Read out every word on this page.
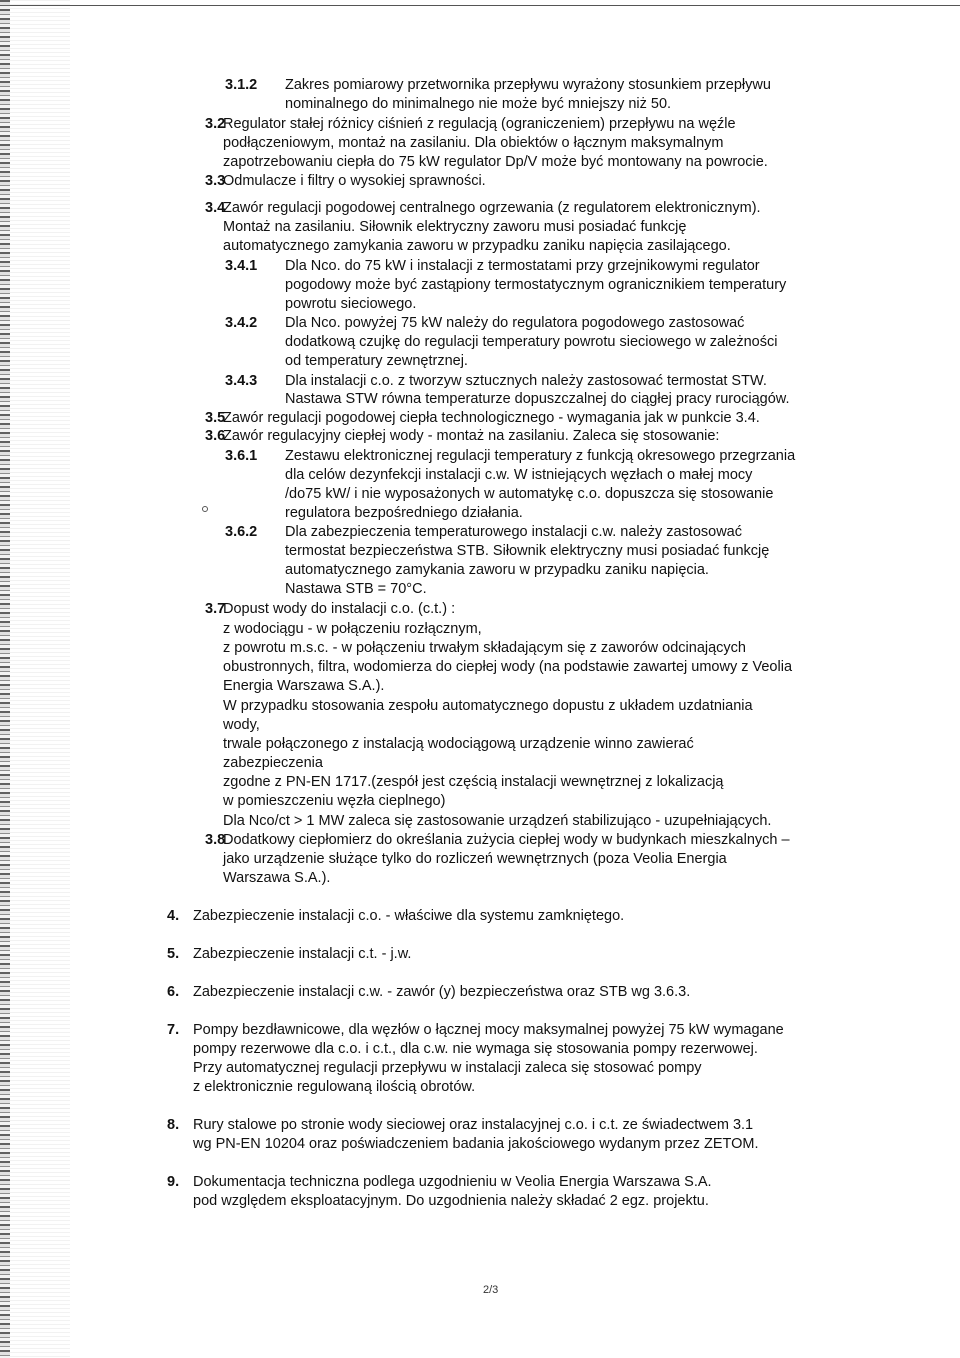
3.1.2 Zakres pomiarowy przetwornika przepływu wyrażony stosunkiem przepływu
nominalnego do minimalnego nie może być mniejszy niż 50.
3.2
Regulator stałej różnicy ciśnień z regulacją (ograniczeniem) przepływu na węźle
podłączeniowym, montaż na zasilaniu. Dla obiektów o łącznym maksymalnym
zapotrzebowaniu ciepła do 75 kW regulator Dp/V może być montowany na powrocie.
3.3
Odmulacze i filtry o wysokiej sprawności.
3.4
Zawór regulacji pogodowej centralnego ogrzewania (z regulatorem elektronicznym).
Montaż na zasilaniu. Siłownik elektryczny zaworu musi posiadać funkcję
automatycznego zamykania zaworu w przypadku zaniku napięcia zasilającego.
3.4.1 Dla Nco. do 75 kW i instalacji z termostatami przy grzejnikowymi regulator
pogodowy może być zastąpiony termostatycznym ogranicznikiem temperatury
powrotu sieciowego.
3.4.2 Dla Nco. powyżej 75 kW należy do regulatora pogodowego zastosować
dodatkową czujkę do regulacji temperatury powrotu sieciowego w zależności
od temperatury zewnętrznej.
3.4.3 Dla instalacji c.o. z tworzyw sztucznych należy zastosować termostat STW.
Nastawa STW równa temperaturze dopuszczalnej do ciągłej pracy rurociągów.
3.5
Zawór regulacji pogodowej ciepła technologicznego - wymagania jak w punkcie 3.4.
3.6
Zawór regulacyjny ciepłej wody - montaż na zasilaniu. Zaleca się stosowanie:
3.6.1 Zestawu elektronicznej regulacji temperatury z funkcją okresowego przegrzania
dla celów dezynfekcji instalacji c.w. W istniejących węzłach o małej mocy
/do75 kW/ i nie wyposażonych w automatykę c.o. dopuszcza się stosowanie
regulatora bezpośredniego działania.
3.6.2 Dla zabezpieczenia temperaturowego instalacji c.w. należy zastosować
termostat bezpieczeństwa STB. Siłownik elektryczny musi posiadać funkcję
automatycznego zamykania zaworu w przypadku zaniku napięcia.
Nastawa STB = 70°C.
3.7
Dopust wody do instalacji c.o. (c.t.) :
z wodociągu - w połączeniu rozłącznym,
z powrotu m.s.c. - w połączeniu trwałym składającym się z zaworów odcinających
obustronnych, filtra, wodomierza do ciepłej wody (na podstawie zawartej umowy z Veolia
Energia Warszawa S.A.).
W przypadku stosowania zespołu automatycznego dopustu z układem uzdatniania
wody,
trwale połączonego z instalacją wodociągową urządzenie winno zawierać
zabezpieczenia
zgodne z PN-EN 1717.(zespół jest częścią instalacji wewnętrznej z lokalizacją
w pomieszczeniu węzła cieplnego)
Dla Nco/ct > 1 MW zaleca się zastosowanie urządzeń stabilizująco - uzupełniających.
3.8
Dodatkowy ciepłomierz do określania zużycia ciepłej wody w budynkach mieszkalnych –
jako urządzenie służące tylko do rozliczeń wewnętrznych (poza Veolia Energia
Warszawa S.A.).
4. Zabezpieczenie instalacji c.o. - właściwe dla systemu zamkniętego.
5. Zabezpieczenie instalacji c.t. - j.w.
6. Zabezpieczenie instalacji c.w. - zawór (y) bezpieczeństwa oraz STB wg 3.6.3.
7. Pompy bezdławnicowe, dla węzłów o łącznej mocy maksymalnej powyżej 75 kW wymagane
pompy rezerwowe dla c.o. i c.t., dla c.w. nie wymaga się stosowania pompy rezerwowej.
Przy automatycznej regulacji przepływu w instalacji zaleca się stosować pompy
z elektronicznie regulowaną ilością obrotów.
8. Rury stalowe po stronie wody sieciowej oraz instalacyjnej c.o. i c.t. ze świadectwem 3.1
wg PN-EN 10204 oraz poświadczeniem badania jakościowego wydanym przez ZETOM.
9. Dokumentacja techniczna podlega uzgodnieniu w Veolia Energia Warszawa S.A.
pod względem eksploatacyjnym. Do uzgodnienia należy składać 2 egz. projektu.
2/3
